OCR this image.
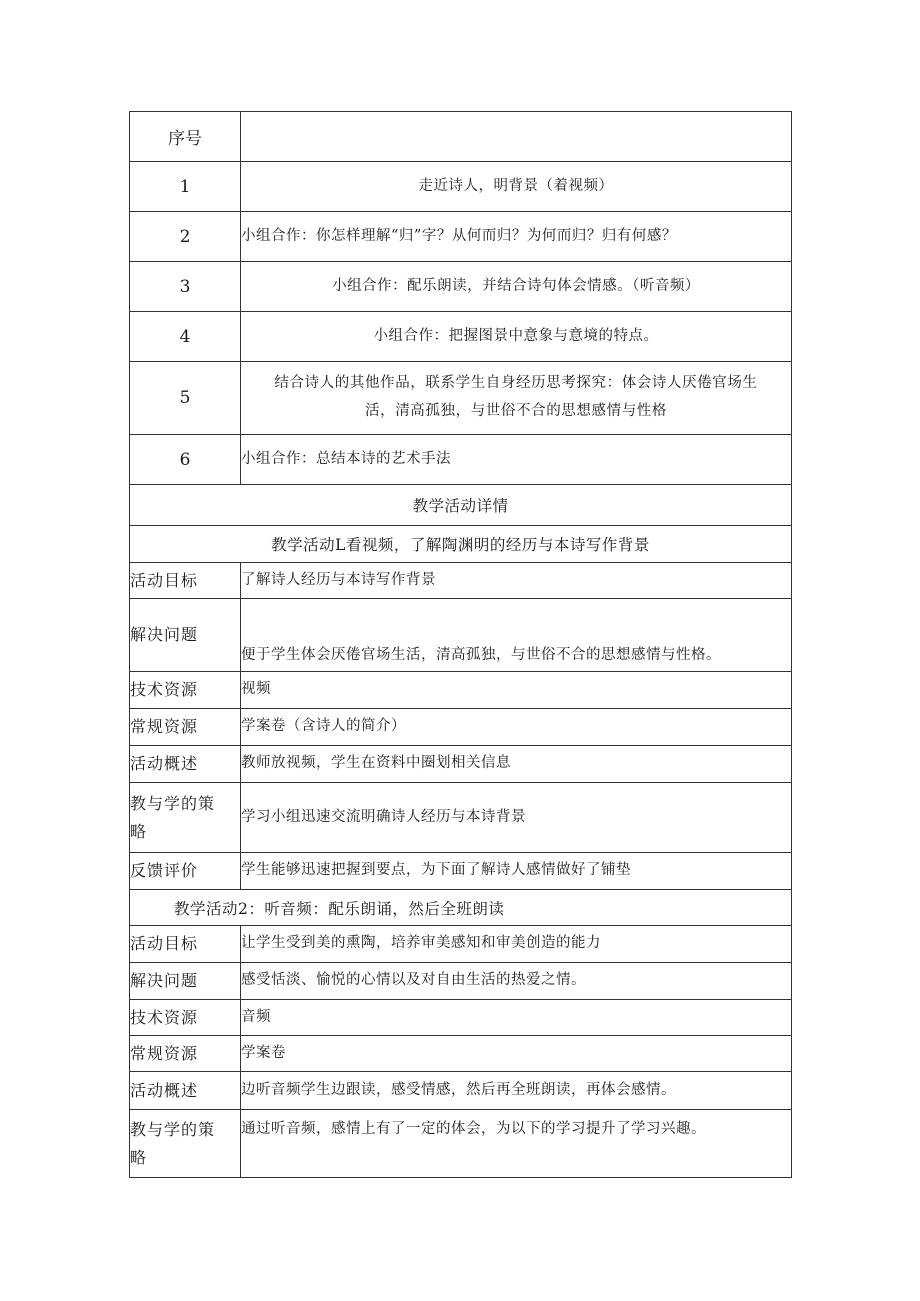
序号	
1	走近诗人，明背景（着视频）
2	小组合作：你怎样理解“归”字？从何而归？为何而归？归有何感？
3	小组合作：配乐朗读，并结合诗句体会情感。（听音频）
4	小组合作：把握图景中意象与意境的特点。
5	结合诗人的其他作品，联系学生自身经历思考探究：体会诗人厌倦官场生
活，清高孤独，与世俗不合的思想感情与性格

6	小组合作：总结本诗的艺术手法
教学活动详情	
教学活动L看视频，了解陶渊明的经历与本诗写作背景	
活动目标	了解诗人经历与本诗写作背景
解决问题	便于学生体会厌倦官场生活，清高孤独，与世俗不合的思想感情与性格。
技术资源	视频
常规资源	学案卷（含诗人的简介）
活动概述	教师放视频，学生在资料中圈划相关信息

教与学的策
略	学习小组迅速交流明确诗人经历与本诗背景
反馈评价	学生能够迅速把握到要点，为下面了解诗人感情做好了铺垫
教学活动2：听音频：配乐朗诵，然后全班朗读	
活动目标	让学生受到美的熏陶，培养审美感知和审美创造的能力
解决问题	感受恬淡、愉悦的心情以及对自由生活的热爱之情。
技术资源	音频
常规资源	学案卷
活动概述	边听音频学生边跟读，感受情感，然后再全班朗读，再体会感情。

教与学的策
略	通过听音频，感情上有了一定的体会，为以下的学习提升了学习兴趣。
